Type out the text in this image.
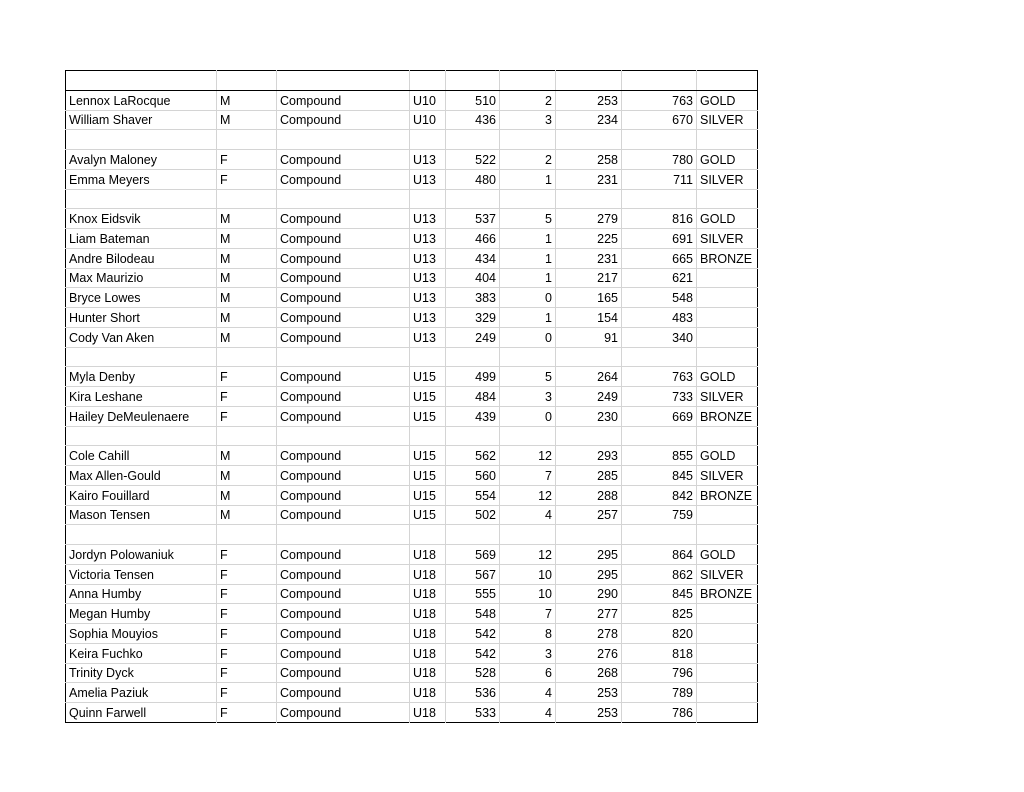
Lennox LaRocque	M	Compound	U10	510	2	253	763	GOLD
William Shaver	M	Compound	U10	436	3	234	670	SILVER

Avalyn Maloney	F	Compound	U13	522	2	258	780	GOLD
Emma Meyers	F	Compound	U13	480	1	231	711	SILVER

Knox Eidsvik	M	Compound	U13	537	5	279	816	GOLD
Liam Bateman	M	Compound	U13	466	1	225	691	SILVER
Andre Bilodeau	M	Compound	U13	434	1	231	665	BRONZE
Max Maurizio	M	Compound	U13	404	1	217	621	
Bryce Lowes	M	Compound	U13	383	0	165	548	
Hunter Short	M	Compound	U13	329	1	154	483	
Cody Van Aken	M	Compound	U13	249	0	91	340	

Myla Denby	F	Compound	U15	499	5	264	763	GOLD
Kira Leshane	F	Compound	U15	484	3	249	733	SILVER
Hailey DeMeulenaere	F	Compound	U15	439	0	230	669	BRONZE

Cole Cahill	M	Compound	U15	562	12	293	855	GOLD
Max Allen-Gould	M	Compound	U15	560	7	285	845	SILVER
Kairo Fouillard	M	Compound	U15	554	12	288	842	BRONZE
Mason Tensen	M	Compound	U15	502	4	257	759	

Jordyn Polowaniuk	F	Compound	U18	569	12	295	864	GOLD
Victoria Tensen	F	Compound	U18	567	10	295	862	SILVER
Anna Humby	F	Compound	U18	555	10	290	845	BRONZE
Megan Humby	F	Compound	U18	548	7	277	825	
Sophia Mouyios	F	Compound	U18	542	8	278	820	
Keira Fuchko	F	Compound	U18	542	3	276	818	
Trinity Dyck	F	Compound	U18	528	6	268	796	
Amelia Paziuk	F	Compound	U18	536	4	253	789	
Quinn Farwell	F	Compound	U18	533	4	253	786	
